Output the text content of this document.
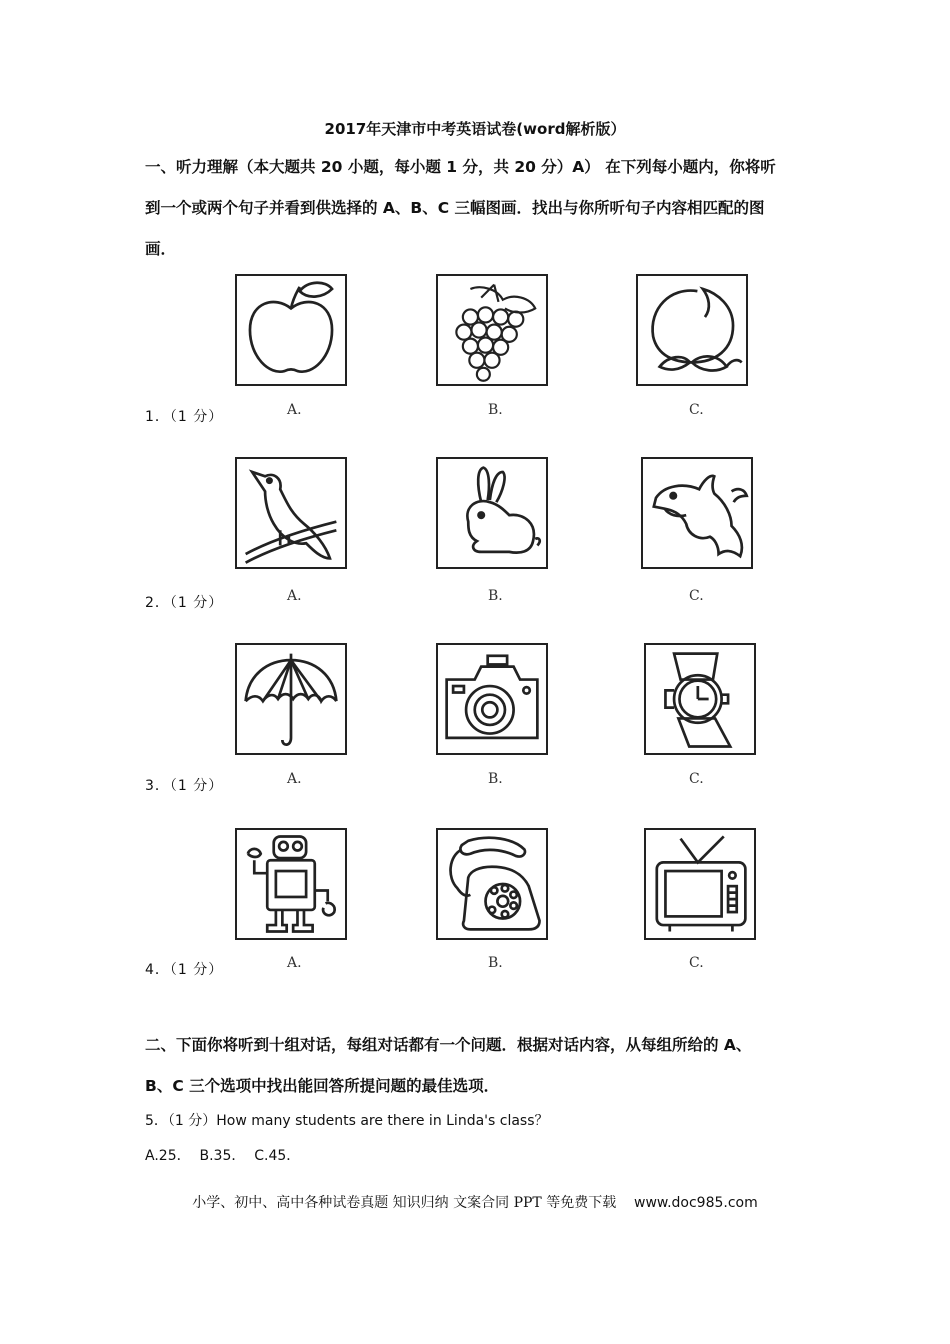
2017年天津市中考英语试卷(word解析版）
一、听力理解（本大题共 20 小题，每小题 1 分，共 20 分）A） 在下列每小题内，你将听
到一个或两个句子并看到供选择的 A、B、C 三幅图画．找出与你所听句子内容相匹配的图
画．
1．（1 分）	A.	B.	C.
2．（1 分）	A.	B.	C.
3．（1 分）	A.	B.	C.
4．（1 分）	A.	B.	C.
二、下面你将听到十组对话，每组对话都有一个问题．根据对话内容，从每组所给的 A、
B、C 三个选项中找出能回答所提问题的最佳选项．
5．（1 分）How many students are there in Linda's class？
A.25．  B.35．  C.45．
小学、初中、高中各种试卷真题 知识归纳 文案合同 PPT 等免费下载 www.doc985.com
